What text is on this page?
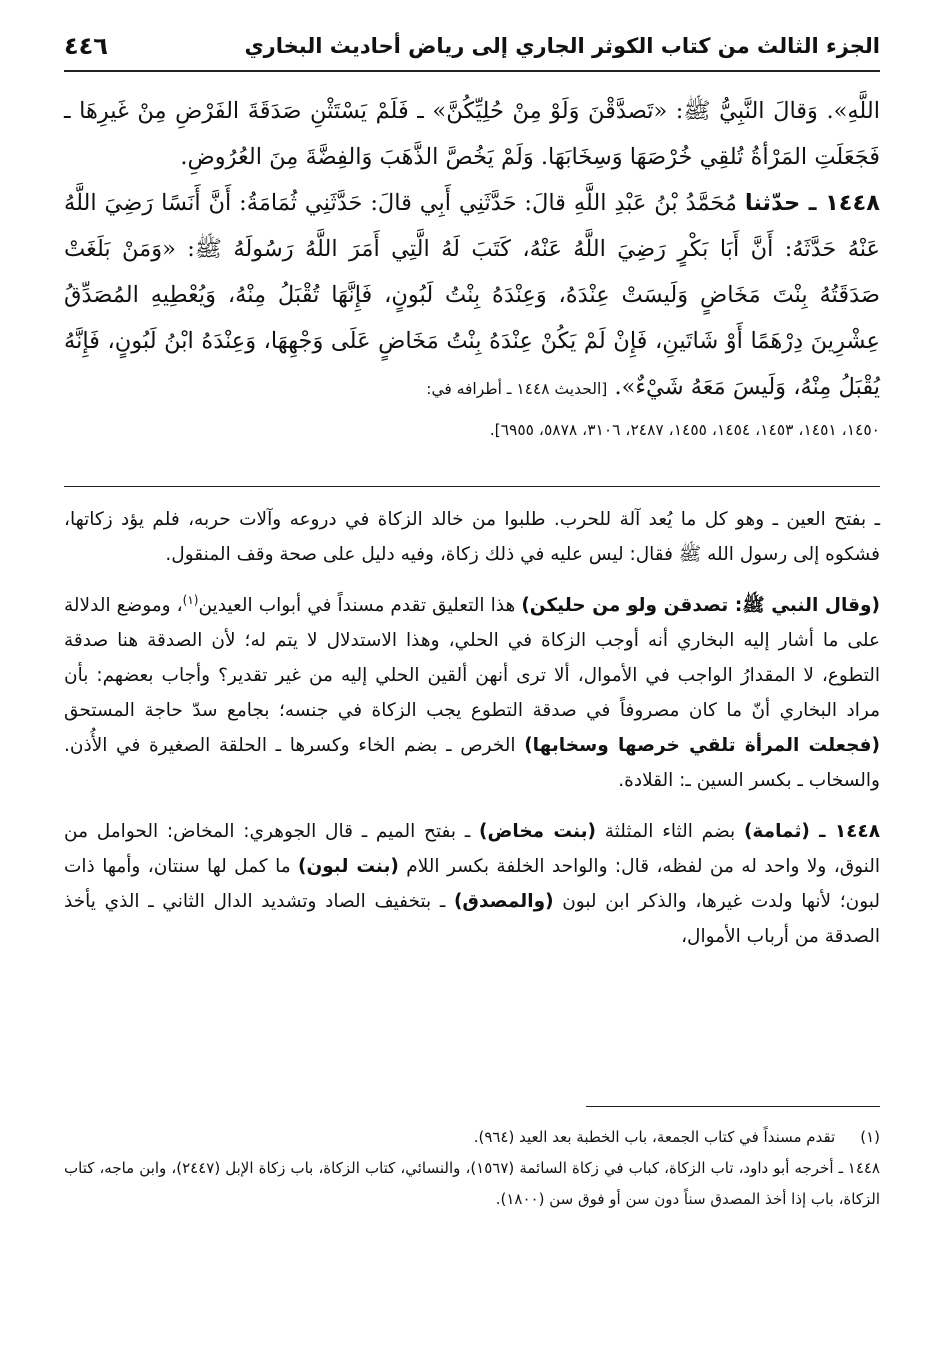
الجزء الثالث من كتاب الكوثر الجاري إلى رياض أحاديث البخاري
٤٤٦

اللَّهِ». وَقالَ النَّبِيُّ ﷺ: «تَصدَّقْنَ وَلَوْ مِنْ حُلِيِّكُنَّ» ـ فَلَمْ يَسْتَثْنِ صَدَقَةَ الفَرْضِ مِنْ غَيرِهَا ـ فَجَعَلَتِ المَرْأةُ تُلقِي خُرْصَهَا وَسِخَابَهَا. وَلَمْ يَخُصَّ الذَّهَبَ وَالفِضَّةَ مِنَ العُرُوضِ.

١٤٤٨ ـ حدّثنا مُحَمَّدُ بْنُ عَبْدِ اللَّهِ قالَ: حَدَّثَنِي أَبِي قالَ: حَدَّثَنِي ثُمَامَةُ: أَنَّ أَنَسًا رَضِيَ اللَّهُ عَنْهُ حَدَّثَهُ: أَنَّ أَبَا بَكْرٍ رَضِيَ اللَّهُ عَنْهُ، كَتَبَ لَهُ الَّتِي أَمَرَ اللَّهُ رَسُولَهُ ﷺ: «وَمَنْ بَلَغَتْ صَدَقَتُهُ بِنْتَ مَخَاضٍ وَلَيسَتْ عِنْدَهُ، وَعِنْدَهُ بِنْتُ لَبُونٍ، فَإِنَّهَا تُقْبَلُ مِنْهُ، وَيُعْطِيهِ المُصَدِّقُ عِشْرِينَ دِرْهَمًا أَوْ شَاتَينِ، فَإِنْ لَمْ يَكُنْ عِنْدَهُ بِنْتُ مَخَاضٍ عَلَى وَجْهِهَا، وَعِنْدَهُ ابْنُ لَبُونٍ، فَإِنَّهُ يُقْبَلُ مِنْهُ، وَلَيسَ مَعَهُ شَيْءٌ». [الحديث ١٤٤٨ ـ أطرافه في:

١٤٥٠، ١٤٥١، ١٤٥٣، ١٤٥٤، ١٤٥٥، ٢٤٨٧، ٣١٠٦، ٥٨٧٨، ٦٩٥٥].

ـ بفتح العين ـ وهو كل ما يُعد آلة للحرب. طلبوا من خالد الزكاة في دروعه وآلات حربه، فلم يؤد زكاتها، فشكوه إلى رسول الله ﷺ فقال: ليس عليه في ذلك زكاة، وفيه دليل على صحة وقف المنقول.

(وقال النبي ﷺ: تصدقن ولو من حليكن) هذا التعليق تقدم مسنداً في أبواب العيدين$^{(١)}$، وموضع الدلالة على ما أشار إليه البخاري أنه أوجب الزكاة في الحلي، وهذا الاستدلال لا يتم له؛ لأن الصدقة هنا صدقة التطوع، لا المقدارُ الواجب في الأموال، ألا ترى أنهن ألقين الحلي إليه من غير تقدير؟ وأجاب بعضهم: بأن مراد البخاري أنّ ما كان مصروفاً في صدقة التطوع يجب الزكاة في جنسه؛ بجامع سدّ حاجة المستحق (فجعلت المرأة تلقي خرصها وسخابها) الخرص ـ بضم الخاء وكسرها ـ الحلقة الصغيرة في الأُذن. والسخاب ـ بكسر السين ـ: القلادة.

١٤٤٨ ـ (ثمامة) بضم الثاء المثلثة (بنت مخاض) ـ بفتح الميم ـ قال الجوهري: المخاض: الحوامل من النوق، ولا واحد له من لفظه، قال: والواحد الخلفة بكسر اللام (بنت لبون) ما كمل لها سنتان، وأمها ذات لبون؛ لأنها ولدت غيرها، والذكر ابن لبون (والمصدق) ـ بتخفيف الصاد وتشديد الدال الثاني ـ الذي يأخذ الصدقة من أرباب الأموال،

(١) تقدم مسنداً في كتاب الجمعة، باب الخطبة بعد العيد (٩٦٤).

١٤٤٨ ـ أخرجه أبو داود، تاب الزكاة، كباب في زكاة السائمة (١٥٦٧)، والنسائي، كتاب الزكاة، باب زكاة الإبل (٢٤٤٧)، وابن ماجه، كتاب الزكاة، باب إذا أخذ المصدق سناً دون سن أو فوق سن (١٨٠٠).
